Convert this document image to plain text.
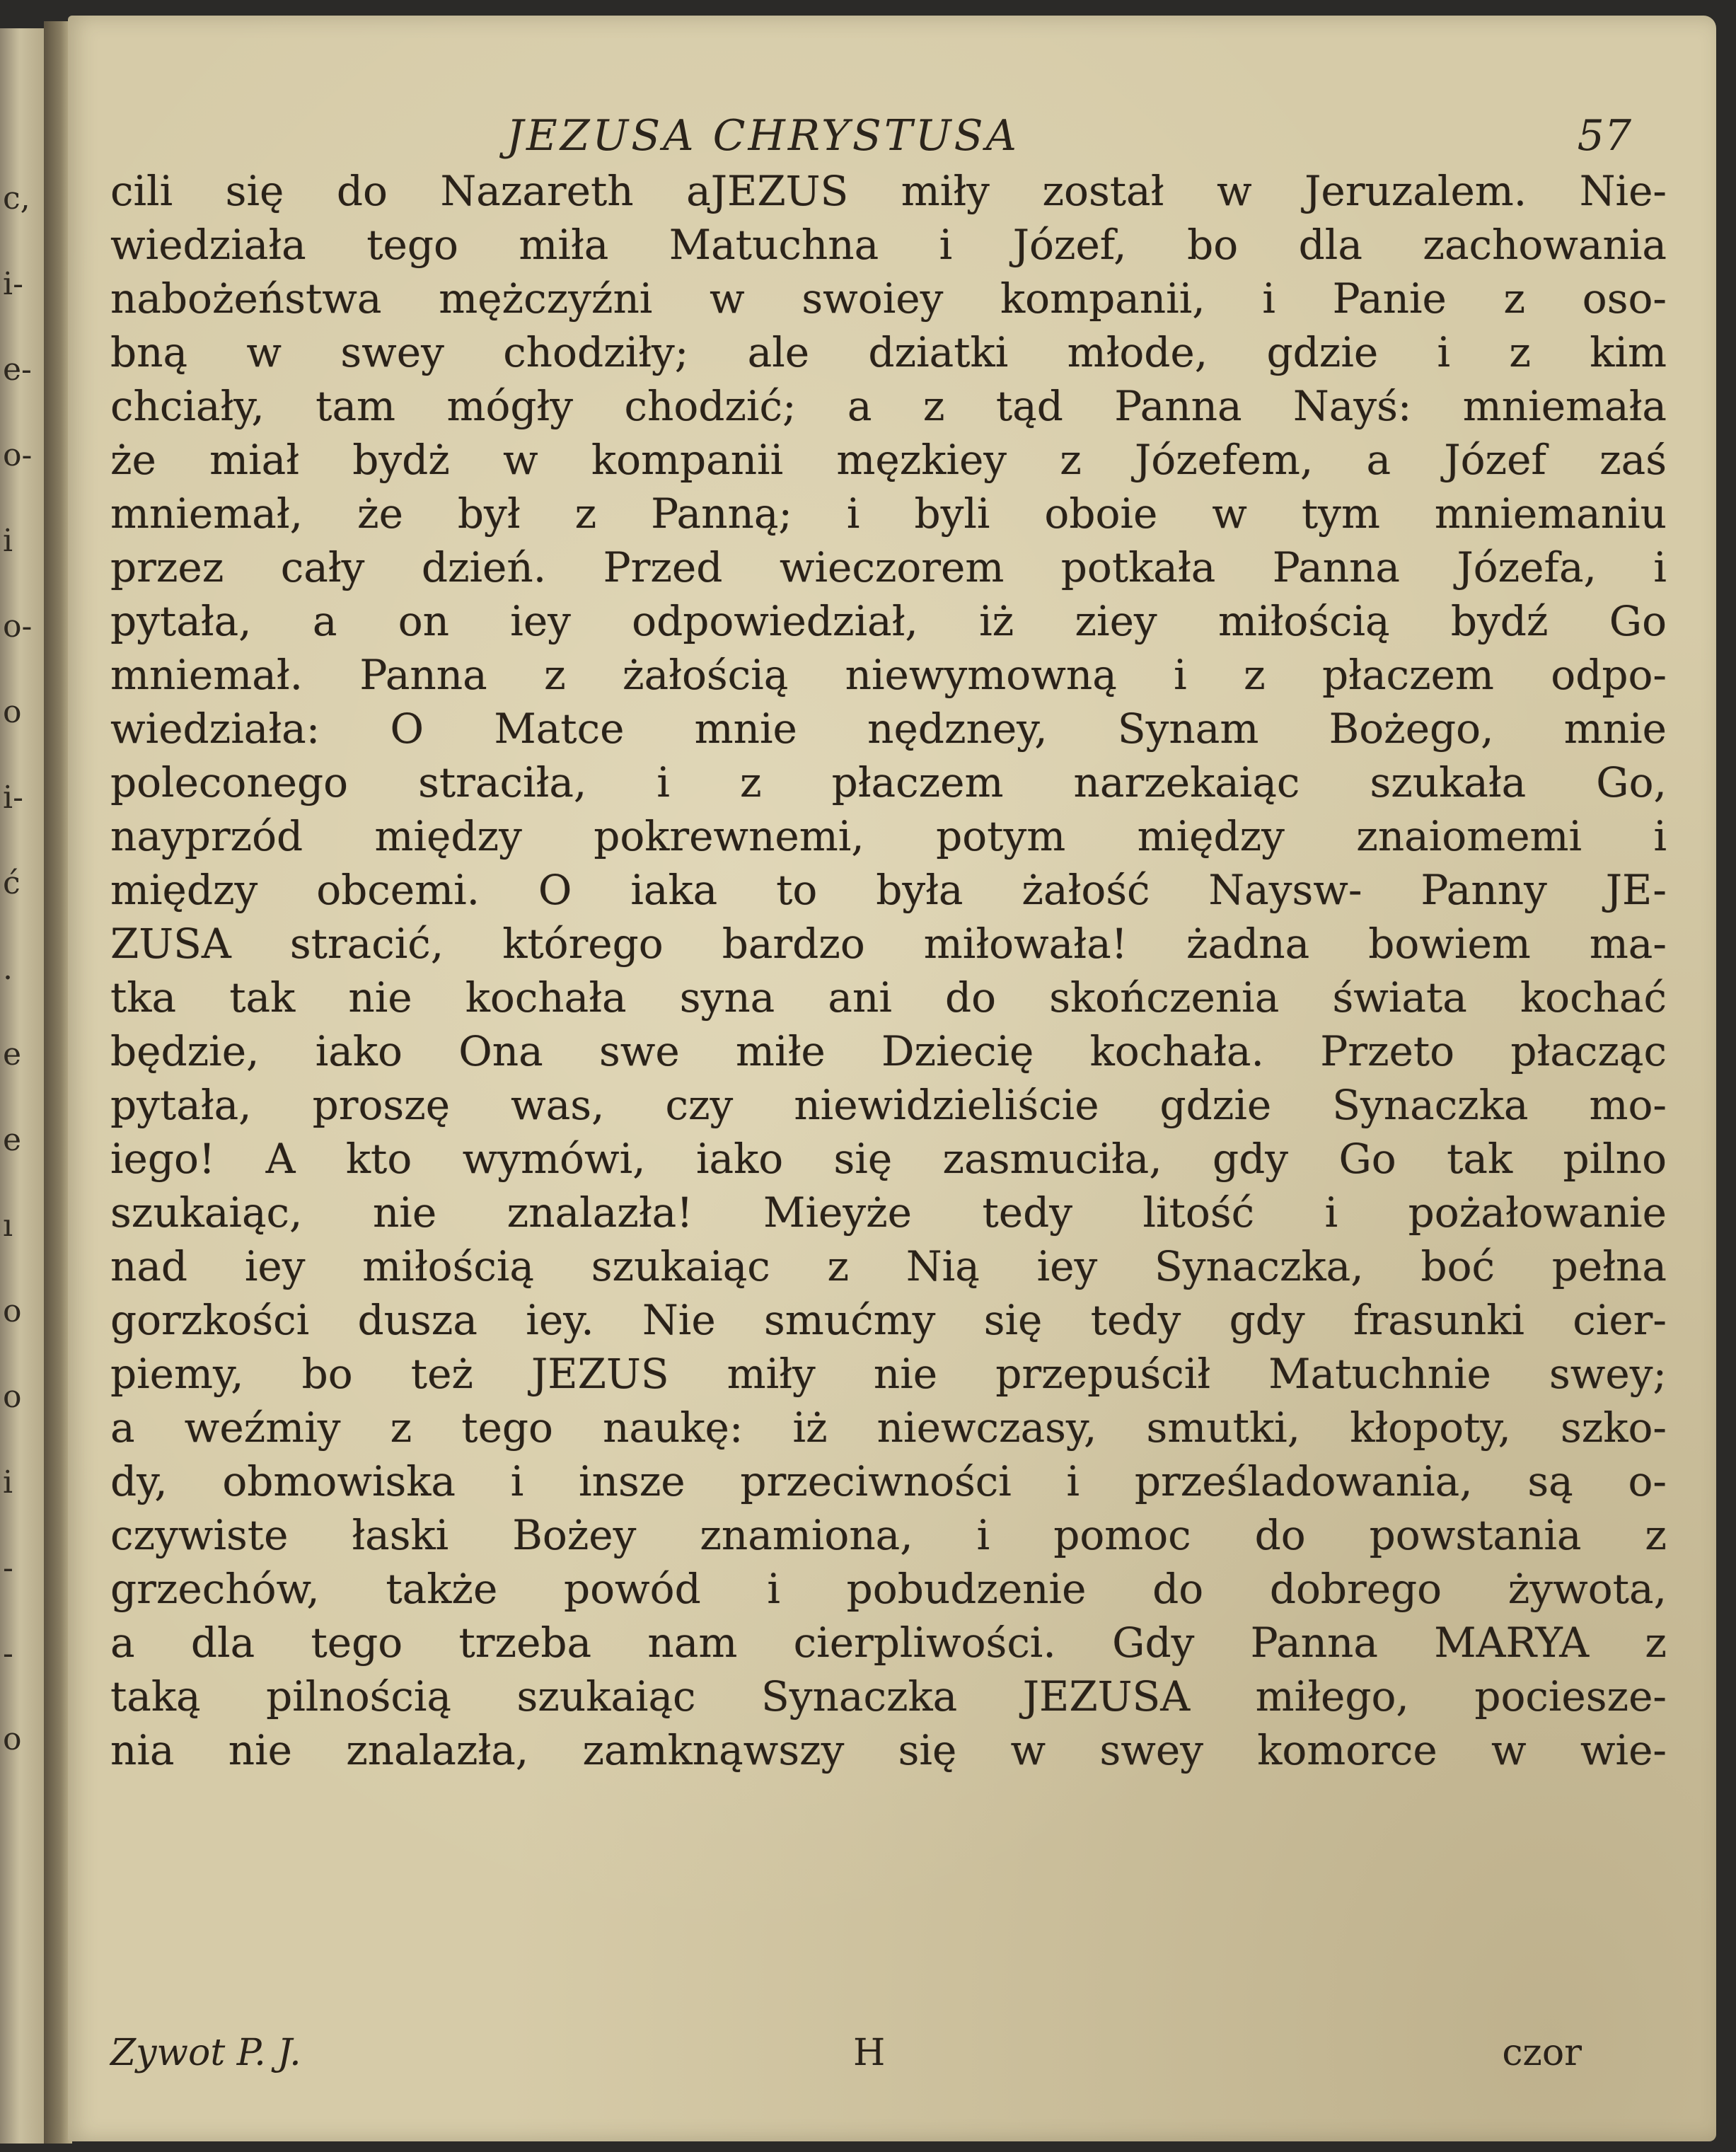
c,
i-
e-
o-
i
o-
o
i-
ć
.
e
e
ı
o
o
i
-
-
o
JEZUSA CHRYSTUSA	57
cili się do Nazareth aJEZUS miły został w Jeruzalem. Nie-
wiedziała tego miła Matuchna i Józef, bo dla zachowania
nabożeństwa mężczyźni w swoiey kompanii, i Panie z oso-
bną w swey chodziły; ale dziatki młode, gdzie i z kim
chciały, tam mógły chodzić; a z tąd Panna Nayś: mniemała
że miał bydż w kompanii męzkiey z Józefem, a Józef zaś
mniemał, że był z Panną; i byli oboie w tym mniemaniu
przez cały dzień. Przed wieczorem potkała Panna Józefa, i
pytała, a on iey odpowiedział, iż ziey miłością bydź Go
mniemał. Panna z żałością niewymowną i z płaczem odpo-
wiedziała: O Matce mnie nędzney, Synam Bożego, mnie
poleconego straciła, i z płaczem narzekaiąc szukała Go,
nayprzód między pokrewnemi, potym między znaiomemi i
między obcemi. O iaka to była żałość Naysw- Panny JE-
ZUSA stracić, którego bardzo miłowała! żadna bowiem ma-
tka tak nie kochała syna ani do skończenia świata kochać
będzie, iako Ona swe miłe Dziecię kochała. Przeto płacząc
pytała, proszę was, czy niewidzieliście gdzie Synaczka mo-
iego! A kto wymówi, iako się zasmuciła, gdy Go tak pilno
szukaiąc, nie znalazła! Mieyże tedy litość i pożałowanie
nad iey miłością szukaiąc z Nią iey Synaczka, boć pełna
gorzkości dusza iey. Nie smućmy się tedy gdy frasunki cier-
piemy, bo też JEZUS miły nie przepuścił Matuchnie swey;
a weźmiy z tego naukę: iż niewczasy, smutki, kłopoty, szko-
dy, obmowiska i insze przeciwności i prześladowania, są o-
czywiste łaski Bożey znamiona, i pomoc do powstania z
grzechów, także powód i pobudzenie do dobrego żywota,
a dla tego trzeba nam cierpliwości. Gdy Panna MARYA z
taką pilnością szukaiąc Synaczka JEZUSA miłego, pocieszе-
nia nie znalazła, zamknąwszy się w swey komorce w wie-
Zywot P. J.	H	czor
